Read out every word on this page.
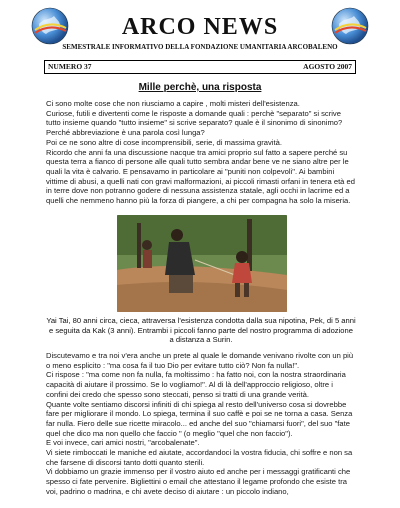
ARCO NEWS
SEMESTRALE INFORMATIVO DELLA FONDAZIONE UMANITARIA ARCOBALENO
NUMERO 37	AGOSTO 2007
Mille perchè, una risposta

Ci sono molte cose che non riusciamo a capire , molti misteri dell'esistenza.

Curiose, futili e divertenti come le risposte a domande quali : perchè "separato" si scrive tutto insieme quando "tutto insieme" si scrive separato? quale è il sinonimo di sinonimo? Perché abbreviazione è una parola così lunga?

Poi ce ne sono altre di cose incomprensibili, serie, di massima gravità.

Ricordo che anni fa una discussione nacque tra amici proprio sul fatto a sapere perché su questa terra a fianco di persone alle quali tutto sembra andar bene ve ne siano altre per le quali la vita è calvario. E pensavamo in particolare ai "puniti non colpevoli". Ai bambini vittime di abusi, a quelli nati con gravi malformazioni, ai piccoli rimasti orfani in tenera età ed in terre dove non potranno godere di nessuna assistenza statale, agli occhi in lacrime ed a quelli che nemmeno hanno più la forza di piangere, a chi per compagna ha solo la miseria.

Yai Tai, 80 anni circa, cieca, attraversa l'esistenza condotta dalla sua nipotina, Pek, di 5 anni e seguita da Kak (3 anni). Entrambi i piccoli fanno parte del nostro programma di adozione a distanza a Surin.

Discutevamo e tra noi v'era anche un prete al quale le domande venivano rivolte con un più o meno esplicito : "ma cosa fa il tuo Dio per evitare tutto ciò? Non fa nulla!".

Ci rispose : "ma come non fa nulla, fa moltissimo : ha fatto noi, con la nostra straordinaria capacità di aiutare il prossimo. Se lo vogliamo!". Al di là dell'approccio religioso, oltre i confini dei credo che spesso sono steccati, penso si tratti di una grande verità.

Quante volte sentiamo discorsi infiniti di chi spiega al resto dell'universo cosa si dovrebbe fare per migliorare il mondo. Lo spiega, termina il suo caffè e poi se ne torna a casa. Senza far nulla. Fiero delle sue ricette miracolo... ed anche del suo "chiamarsi fuori", del suo "fate quel che dico ma non quello che faccio " (o meglio "quel che non faccio").

E voi invece, cari amici nostri, "arcobalenate".

Vi siete rimboccati le maniche ed aiutate, accordandoci la vostra fiducia, chi soffre e non sa che farsene di discorsi tanto dotti quanto sterili.

Vi dobbiamo un grazie immenso per il vostro aiuto ed anche per i messaggi gratificanti che spesso ci fate pervenire. Bigliettini o email che attestano il legame profondo che esiste tra voi, padrino o madrina, e chi avete deciso di aiutare : un piccolo indiano,
